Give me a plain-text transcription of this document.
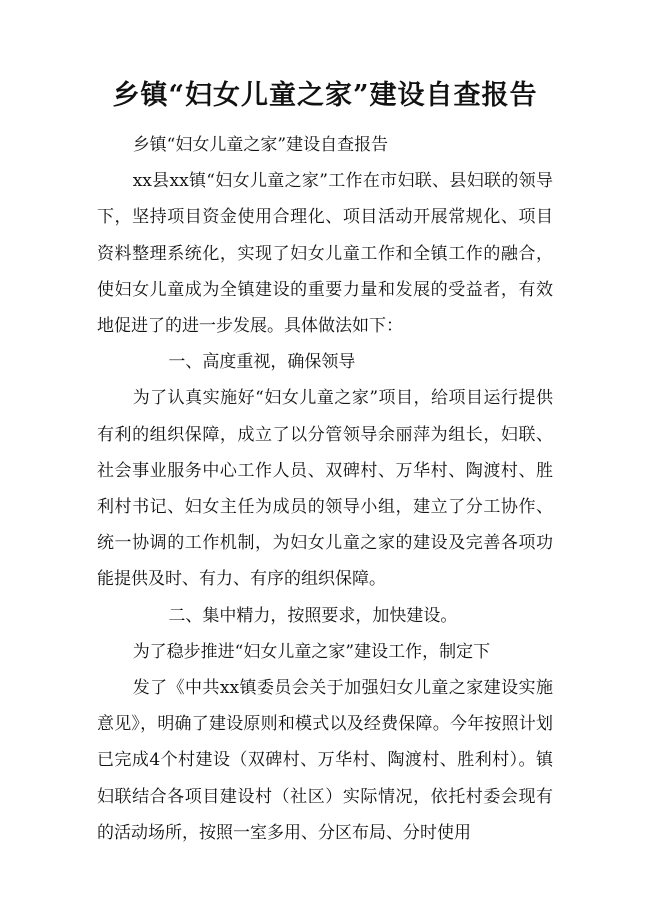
乡镇“妇女儿童之家”建设自查报告

乡镇“妇女儿童之家”建设自查报告

xx县xx镇“妇女儿童之家”工作在市妇联、县妇联的领导下，坚持项目资金使用合理化、项目活动开展常规化、项目资料整理系统化，实现了妇女儿童工作和全镇工作的融合，使妇女儿童成为全镇建设的重要力量和发展的受益者，有效地促进了的进一步发展。具体做法如下：

一、高度重视，确保领导

为了认真实施好“妇女儿童之家”项目，给项目运行提供有利的组织保障，成立了以分管领导余丽萍为组长，妇联、社会事业服务中心工作人员、双碑村、万华村、陶渡村、胜利村书记、妇女主任为成员的领导小组，建立了分工协作、统一协调的工作机制，为妇女儿童之家的建设及完善各项功能提供及时、有力、有序的组织保障。

二、集中精力，按照要求，加快建设。

为了稳步推进“妇女儿童之家”建设工作，制定下

发了《中共xx镇委员会关于加强妇女儿童之家建设实施意见》，明确了建设原则和模式以及经费保障。今年按照计划已完成4个村建设（双碑村、万华村、陶渡村、胜利村）。镇妇联结合各项目建设村（社区）实际情况，依托村委会现有的活动场所，按照一室多用、分区布局、分时使用
